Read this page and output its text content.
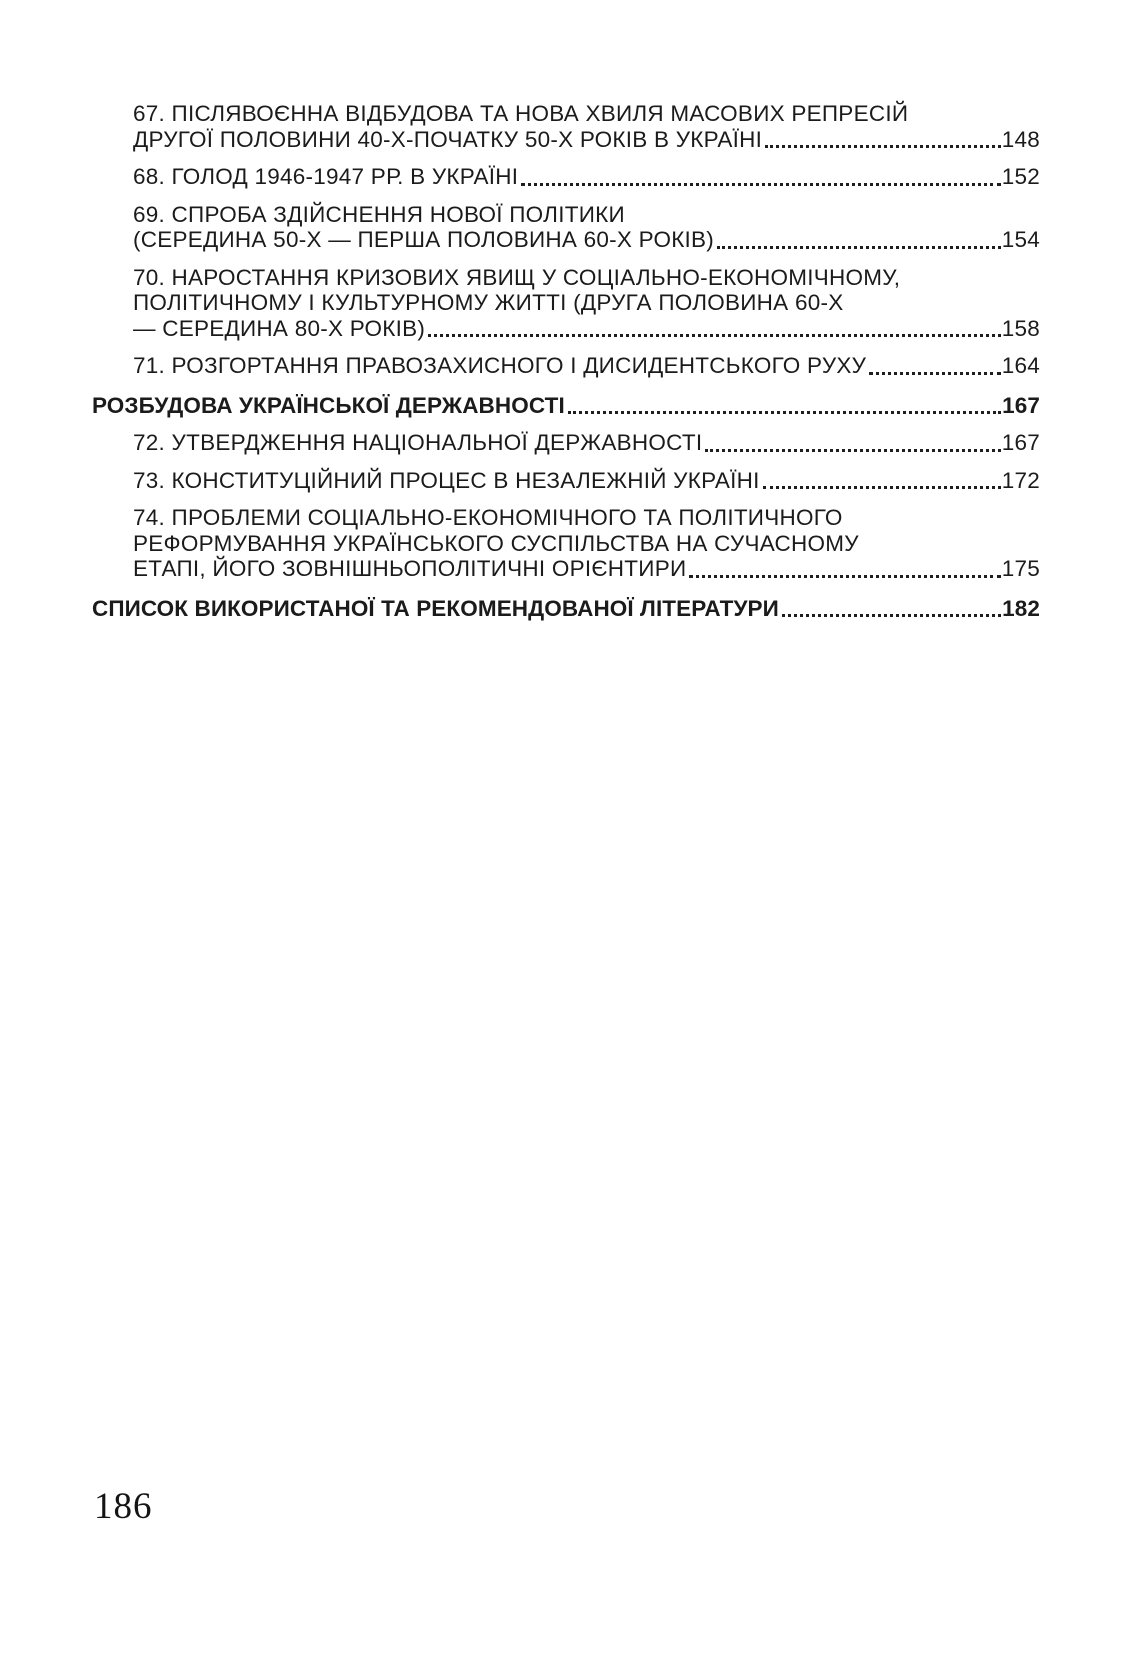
67. ПІСЛЯВОЄННА ВІДБУДОВА ТА НОВА ХВИЛЯ МАСОВИХ РЕПРЕСІЙ
ДРУГОЇ ПОЛОВИНИ 40-Х-ПОЧАТКУ 50-Х РОКІВ В УКРАЇНІ	148
68. ГОЛОД 1946-1947 РР. В УКРАЇНІ	152
69. СПРОБА ЗДІЙСНЕННЯ НОВОЇ ПОЛІТИКИ
(СЕРЕДИНА 50-Х — ПЕРША ПОЛОВИНА 60-Х РОКІВ)	154
70. НАРОСТАННЯ КРИЗОВИХ ЯВИЩ У СОЦІАЛЬНО-ЕКОНОМІЧНОМУ,
ПОЛІТИЧНОМУ І КУЛЬТУРНОМУ ЖИТТІ (ДРУГА ПОЛОВИНА 60-Х
— СЕРЕДИНА 80-Х РОКІВ)	158
71. РОЗГОРТАННЯ ПРАВОЗАХИСНОГО І ДИСИДЕНТСЬКОГО РУХУ	164
РОЗБУДОВА УКРАЇНСЬКОЇ ДЕРЖАВНОСТІ	167
72. УТВЕРДЖЕННЯ НАЦІОНАЛЬНОЇ ДЕРЖАВНОСТІ	167
73. КОНСТИТУЦІЙНИЙ ПРОЦЕС В НЕЗАЛЕЖНІЙ УКРАЇНІ	172
74. ПРОБЛЕМИ СОЦІАЛЬНО-ЕКОНОМІЧНОГО ТА ПОЛІТИЧНОГО
РЕФОРМУВАННЯ УКРАЇНСЬКОГО СУСПІЛЬСТВА НА СУЧАСНОМУ
ЕТАПІ, ЙОГО ЗОВНІШНЬОПОЛІТИЧНІ ОРІЄНТИРИ	175
СПИСОК ВИКОРИСТАНОЇ ТА РЕКОМЕНДОВАНОЇ ЛІТЕРАТУРИ	182
186
